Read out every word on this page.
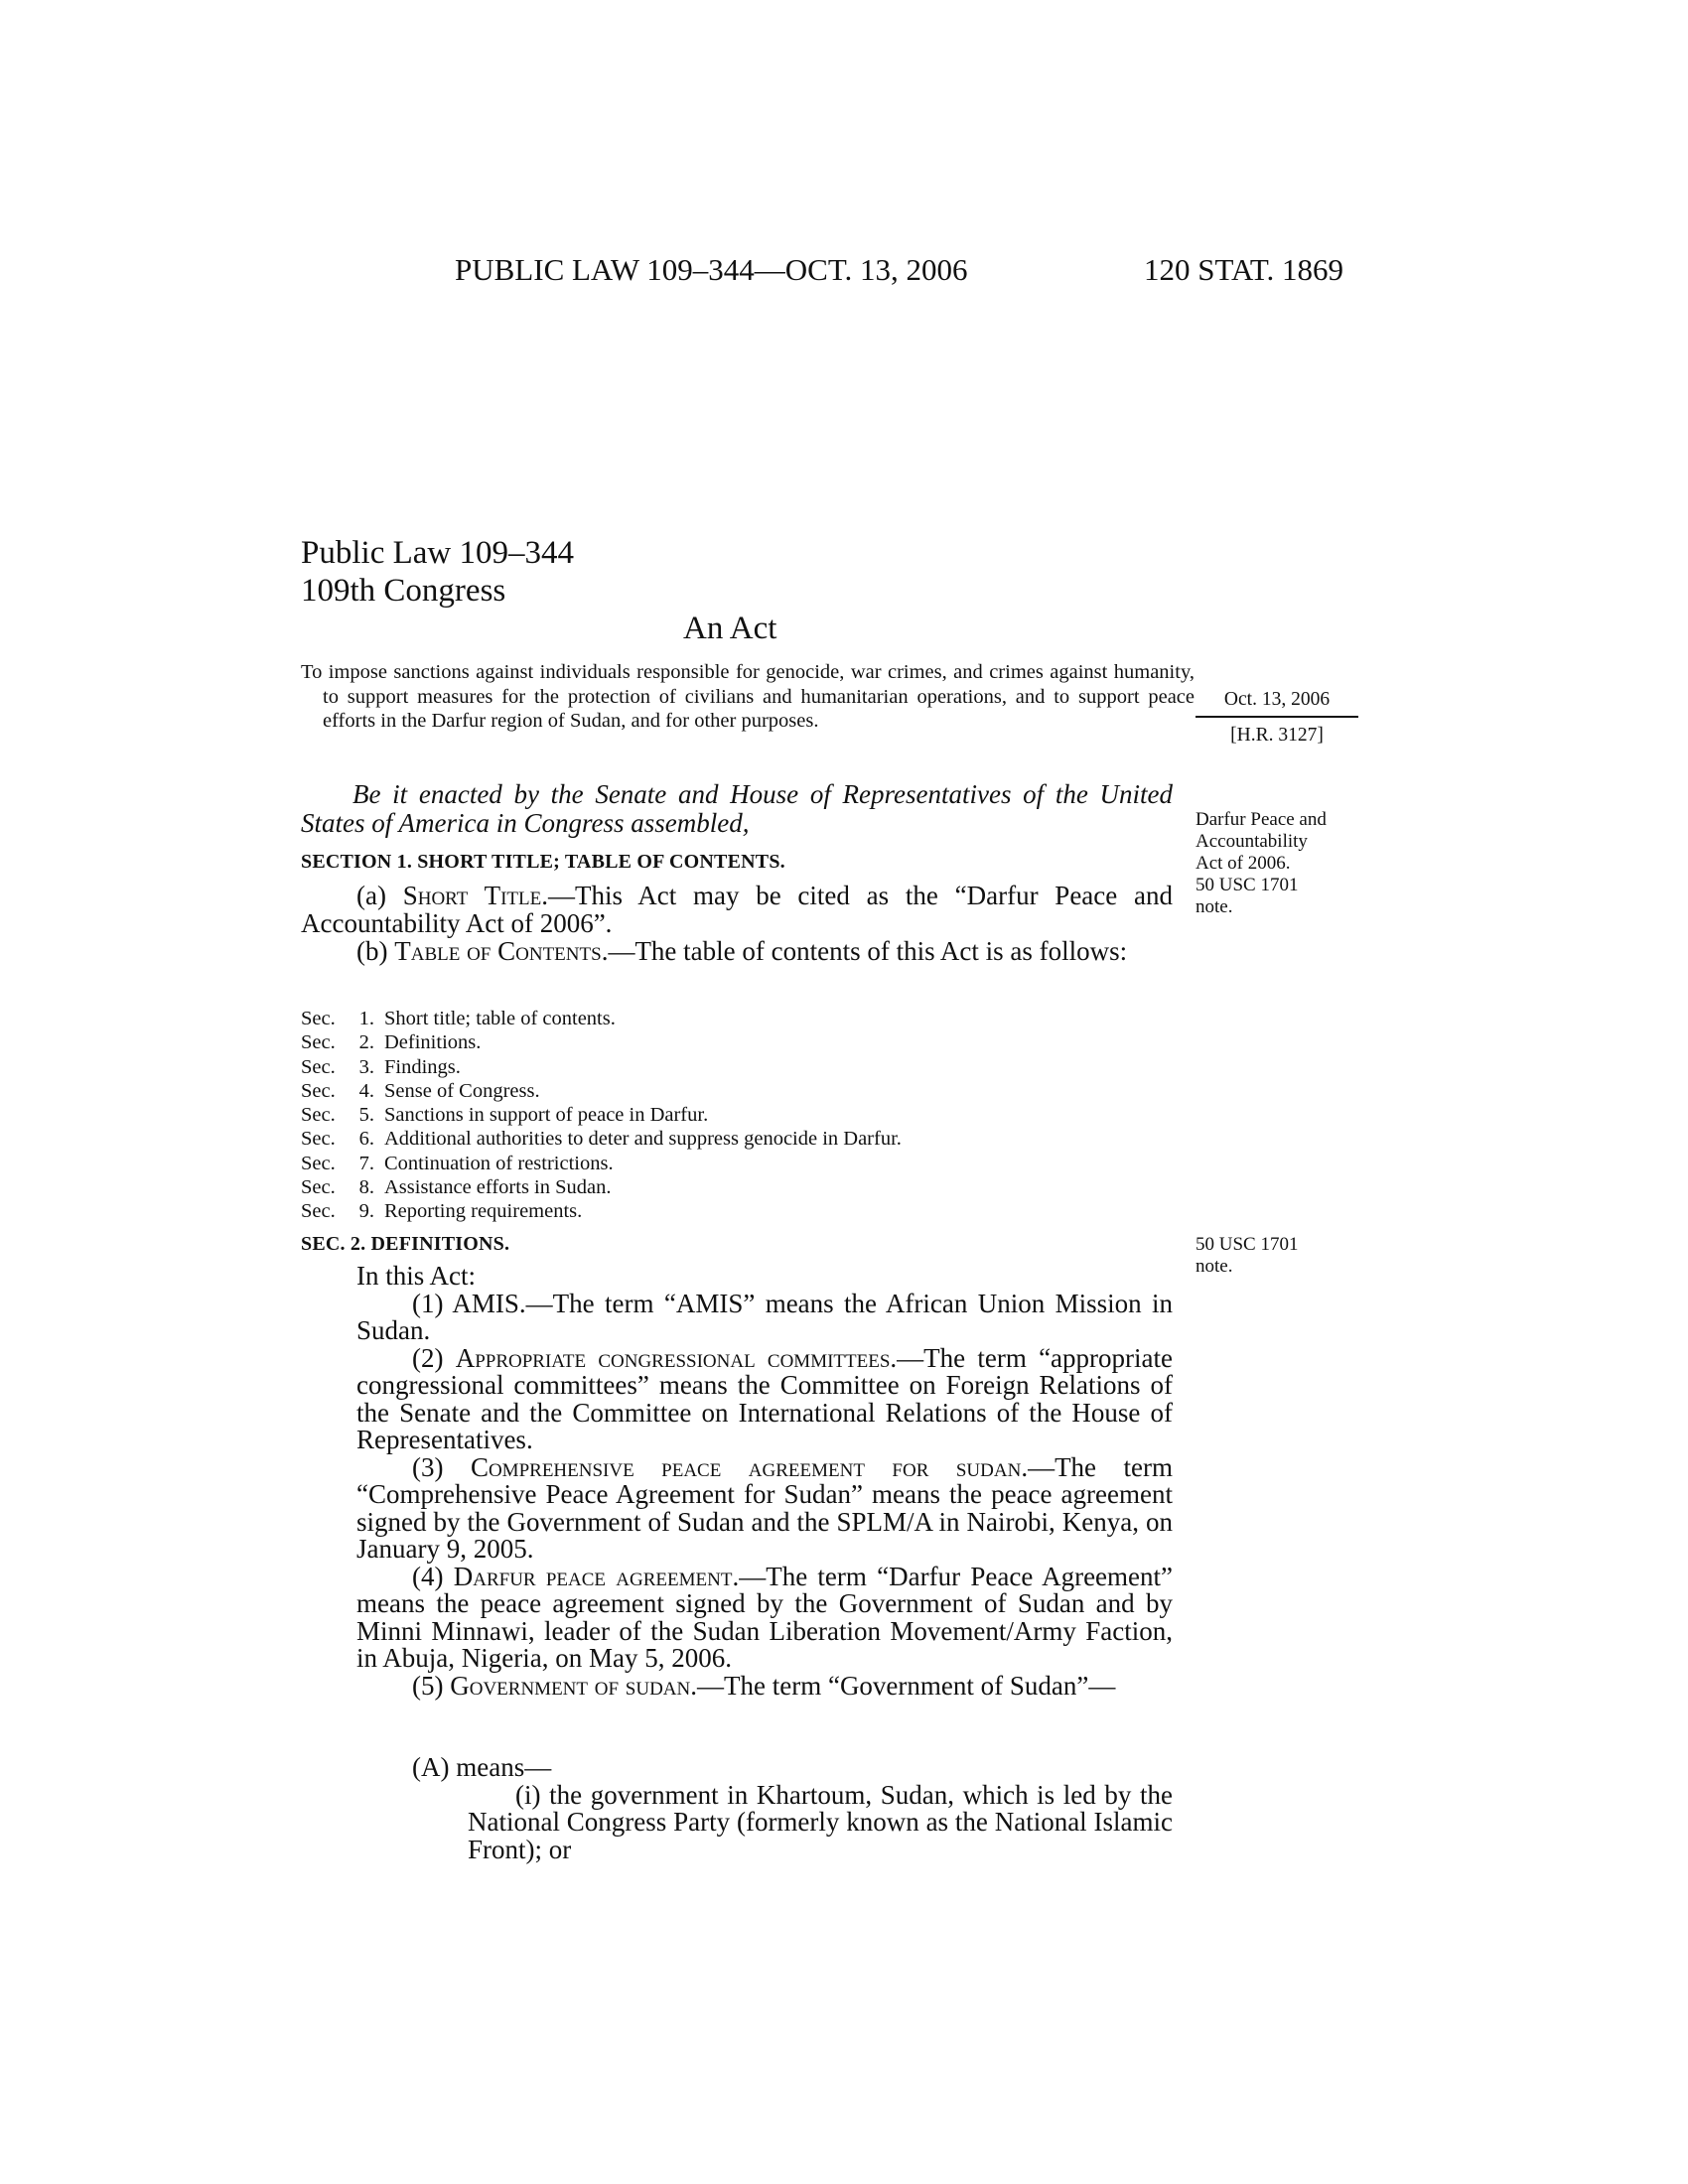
PUBLIC LAW 109–344—OCT. 13, 2006	120 STAT. 1869
Public Law 109–344
109th Congress
An Act
To impose sanctions against individuals responsible for genocide, war crimes, and crimes against humanity, to support measures for the protection of civilians and humanitarian operations, and to support peace efforts in the Darfur region of Sudan, and for other purposes.
Oct. 13, 2006
[H.R. 3127]
Be it enacted by the Senate and House of Representatives of the United States of America in Congress assembled,	Darfur Peace and
Accountability
Act of 2006.
50 USC 1701
note.
SECTION 1. SHORT TITLE; TABLE OF CONTENTS.
(a) Short Title.—This Act may be cited as the “Darfur Peace and Accountability Act of 2006”.
(b) Table of Contents.—The table of contents of this Act is as follows:
Sec.	1. Short title; table of contents.
Sec.	2. Definitions.
Sec.	3. Findings.
Sec.	4. Sense of Congress.
Sec.	5. Sanctions in support of peace in Darfur.
Sec.	6. Additional authorities to deter and suppress genocide in Darfur.
Sec.	7. Continuation of restrictions.
Sec.	8. Assistance efforts in Sudan.
Sec.	9. Reporting requirements.
SEC. 2. DEFINITIONS.	50 USC 1701
note.

In this Act:

(1) AMIS.—The term “AMIS” means the African Union Mission in Sudan.

(2) Appropriate congressional committees.—The term “appropriate congressional committees” means the Committee on Foreign Relations of the Senate and the Committee on International Relations of the House of Representatives.

(3) Comprehensive peace agreement for sudan.—The term “Comprehensive Peace Agreement for Sudan” means the peace agreement signed by the Government of Sudan and the SPLM/A in Nairobi, Kenya, on January 9, 2005.

(4) Darfur peace agreement.—The term “Darfur Peace Agreement” means the peace agreement signed by the Government of Sudan and by Minni Minnawi, leader of the Sudan Liberation Movement/Army Faction, in Abuja, Nigeria, on May 5, 2006.

(5) Government of sudan.—The term “Government of Sudan”—

(A) means—

(i) the government in Khartoum, Sudan, which is led by the National Congress Party (formerly known as the National Islamic Front); or
